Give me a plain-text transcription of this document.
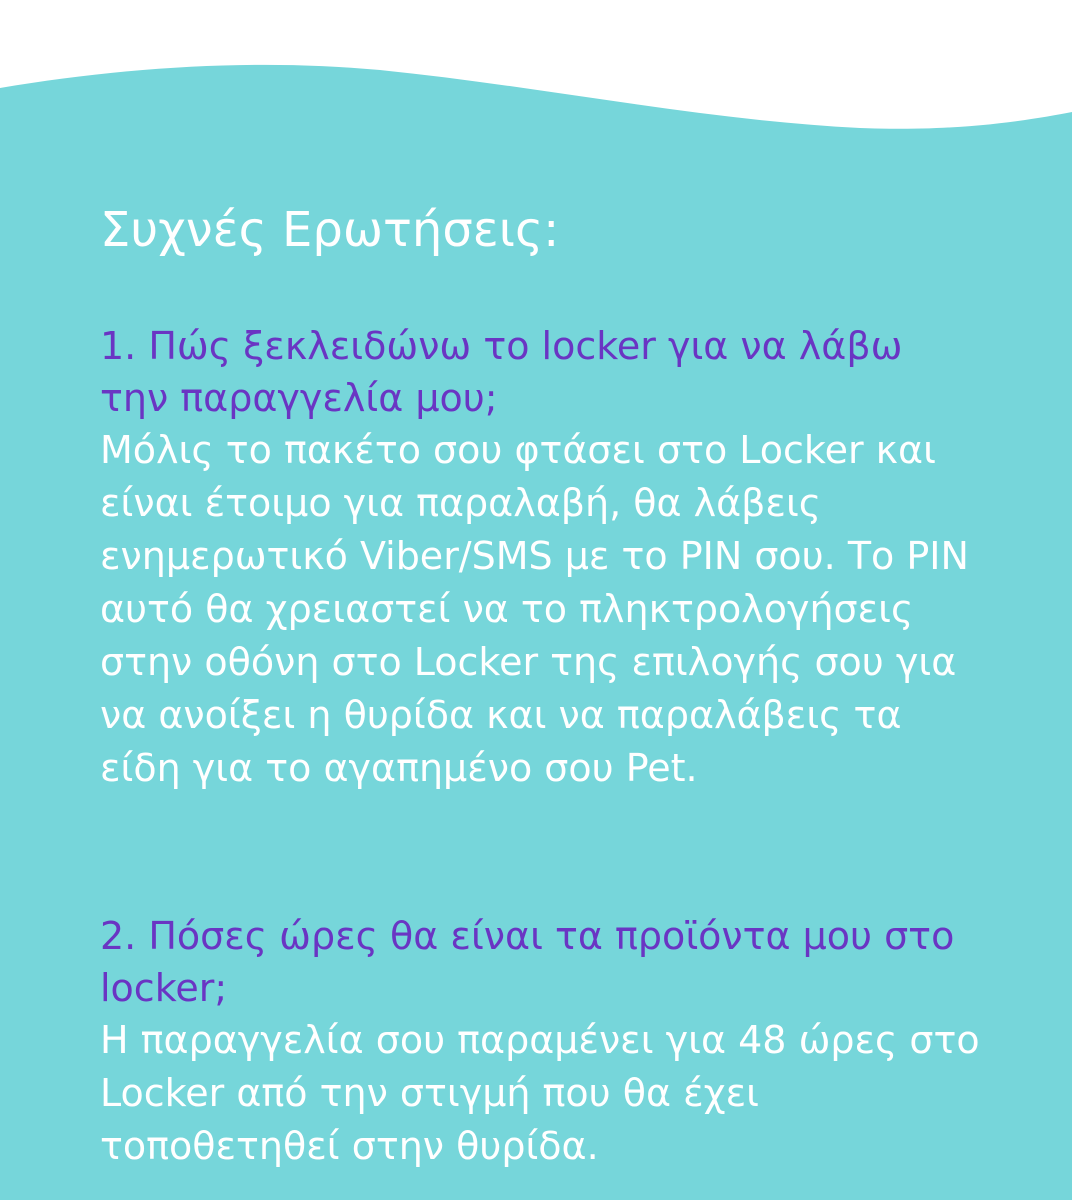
Συχνές Ερωτήσεις:

1. Πώς ξεκλειδώνω το locker για να λάβω την παραγγελία μου;

Μόλις το πακέτο σου φτάσει στο Locker και είναι έτοιμο για παραλαβή, θα λάβεις ενημερωτικό Viber/SMS με το PIN σου. Το PIN αυτό θα χρειαστεί να το πληκτρολογήσεις στην οθόνη στο Locker της επιλογής σου για να ανοίξει η θυρίδα και να παραλάβεις τα είδη για το αγαπημένο σου Pet.

2. Πόσες ώρες θα είναι τα προϊόντα μου στο locker;

Η παραγγελία σου παραμένει για 48 ώρες στο Locker από την στιγμή που θα έχει τοποθετηθεί στην θυρίδα.
